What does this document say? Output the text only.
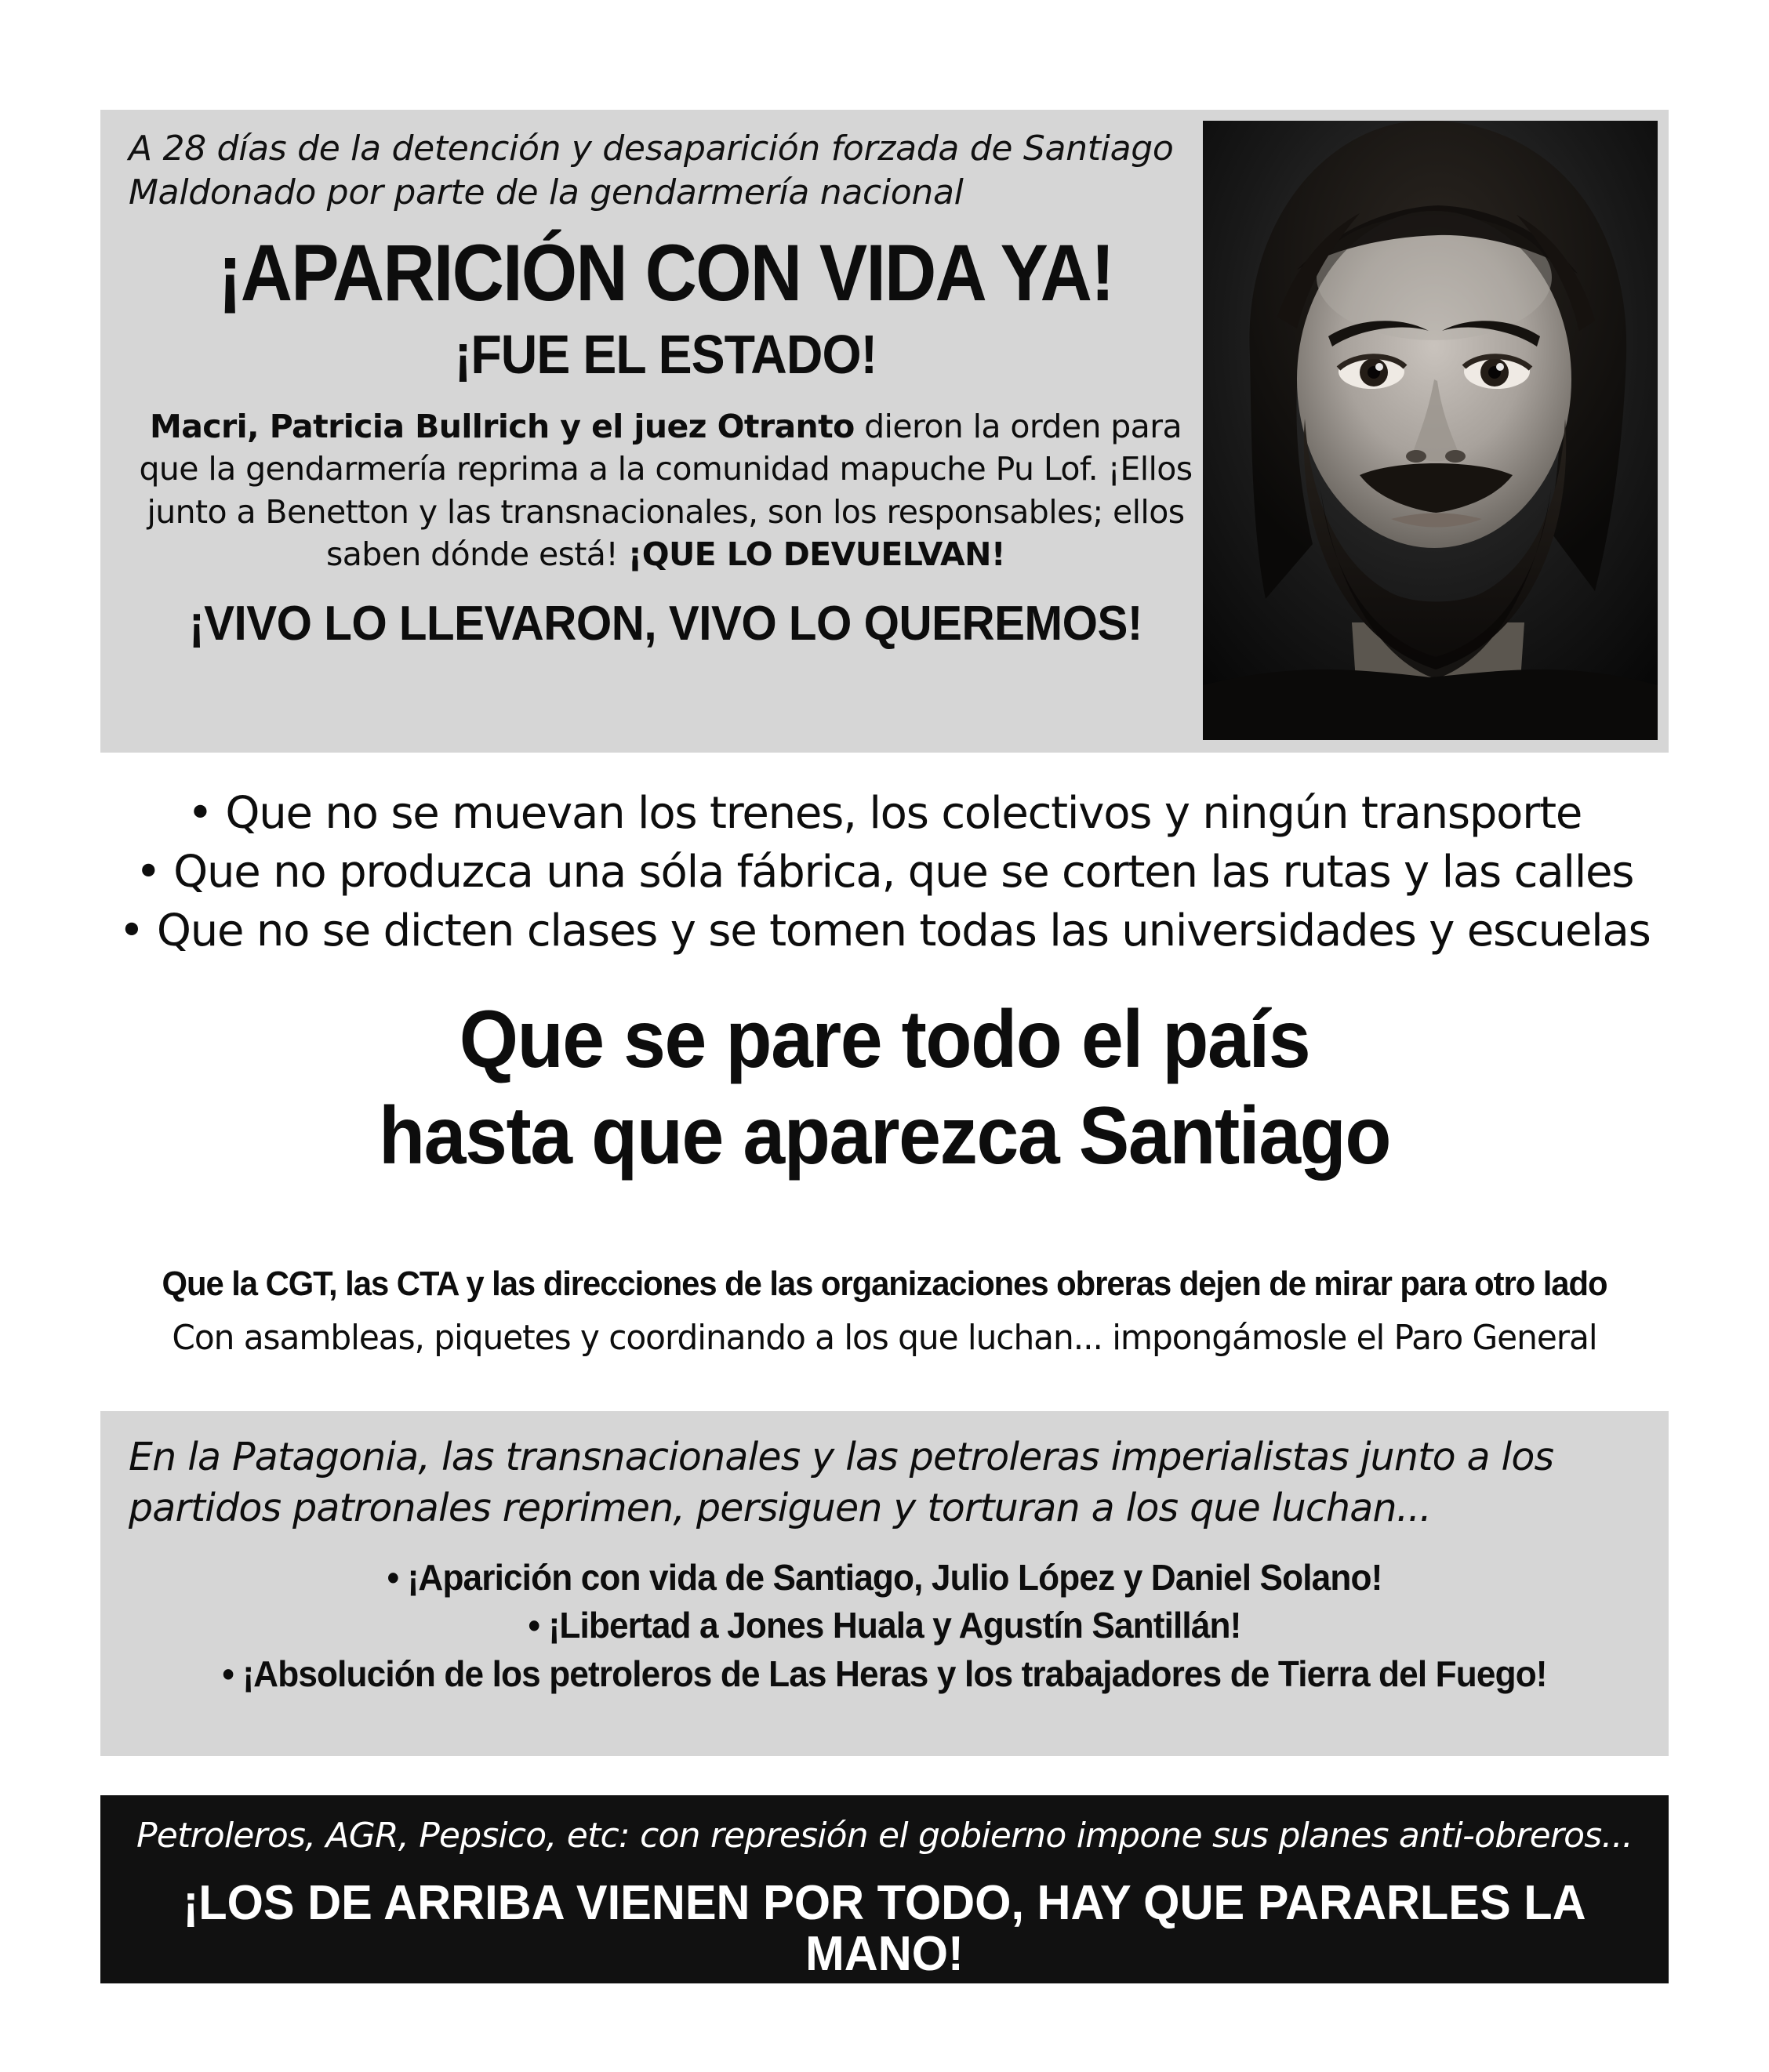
A 28 días de la detención y desaparición forzada de Santiago Maldonado por parte de la gendarmería nacional
¡APARICIÓN CON VIDA YA!
¡FUE EL ESTADO!
Macri, Patricia Bullrich y el juez Otranto dieron la orden para que la gendarmería reprima a la comunidad mapuche Pu Lof. ¡Ellos junto a Benetton y las transnacionales, son los responsables; ellos saben dónde está! ¡QUE LO DEVUELVAN!
¡VIVO LO LLEVARON, VIVO LO QUEREMOS!
• Que no se muevan los trenes, los colectivos y ningún transporte
• Que no produzca una sóla fábrica, que se corten las rutas y las calles
• Que no se dicten clases y se tomen todas las universidades y escuelas
Que se pare todo el país
hasta que aparezca Santiago
Que la CGT, las CTA y las direcciones de las organizaciones obreras dejen de mirar para otro lado
Con asambleas, piquetes y coordinando a los que luchan... impongámosle el Paro General
En la Patagonia, las transnacionales y las petroleras imperialistas junto a los partidos patronales reprimen, persiguen y torturan a los que luchan...
• ¡Aparición con vida de Santiago, Julio López y Daniel Solano!
• ¡Libertad a Jones Huala y Agustín Santillán!
• ¡Absolución de los petroleros de Las Heras y los trabajadores de Tierra del Fuego!
Petroleros, AGR, Pepsico, etc: con represión el gobierno impone sus planes anti-obreros...
¡LOS DE ARRIBA VIENEN POR TODO, HAY QUE PARARLES LA MANO!
